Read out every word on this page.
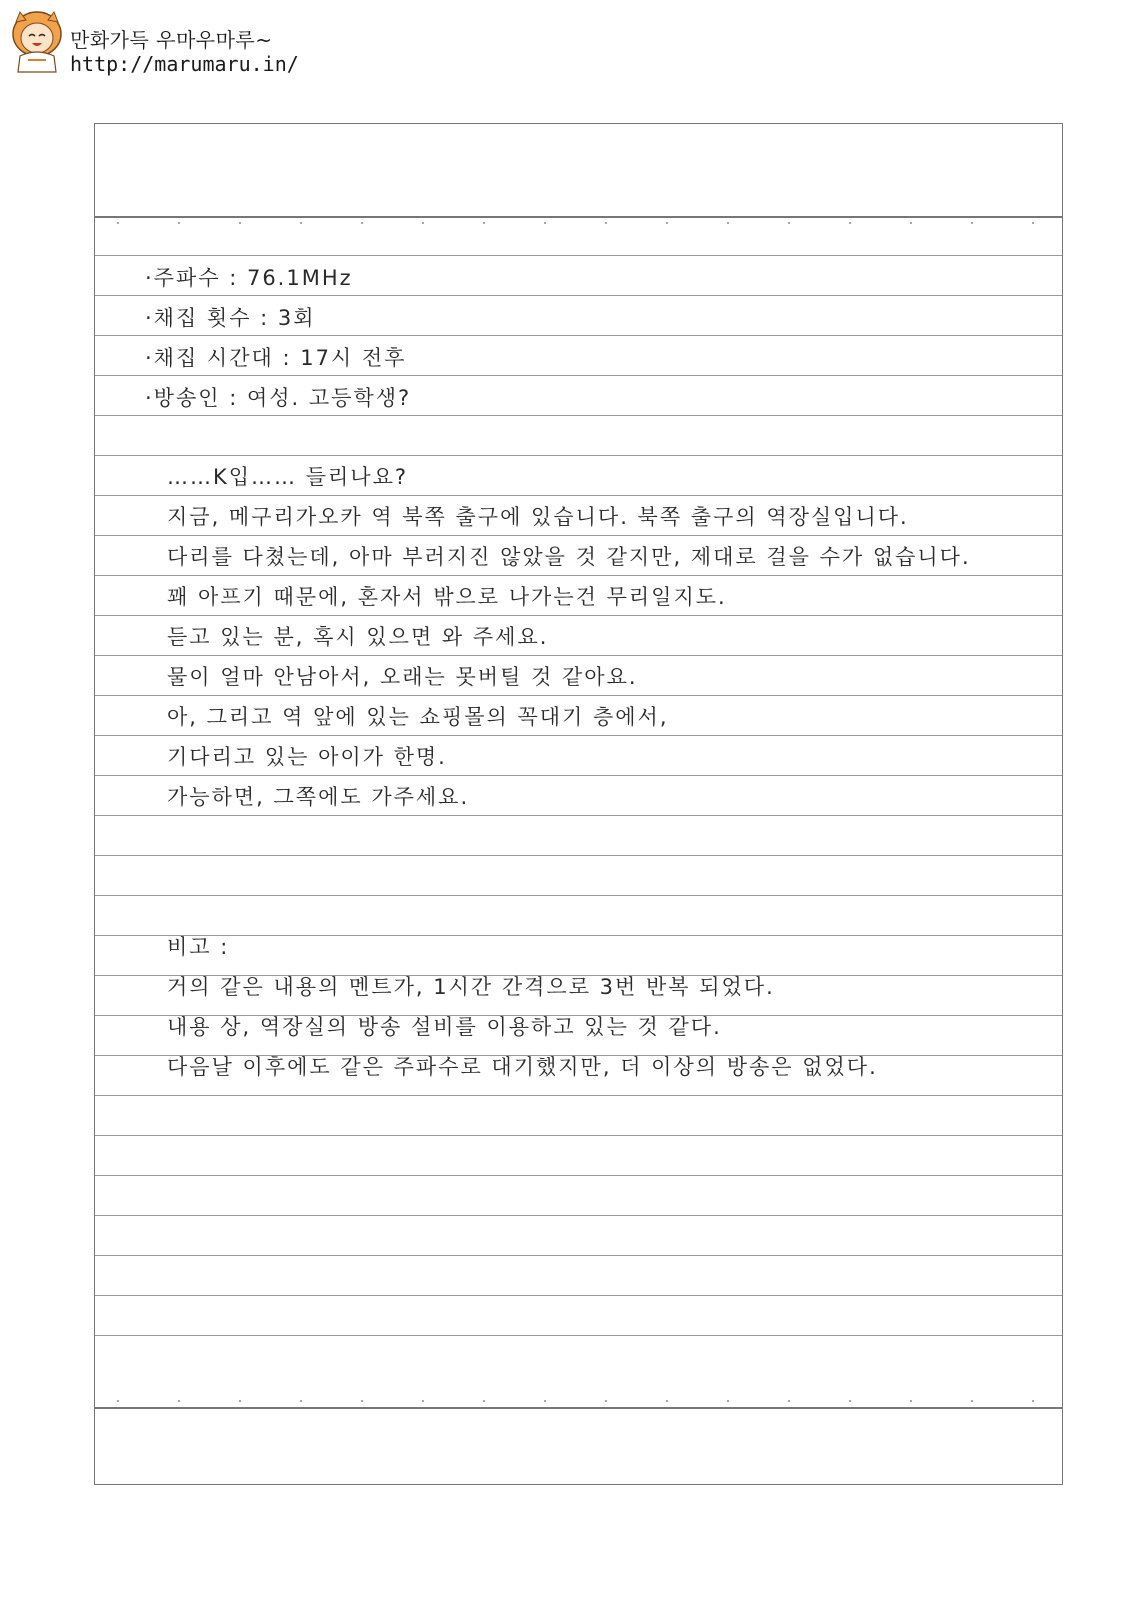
만화가득 우마우마루~
http://marumaru.in/
·주파수 : 76.1MHz
·채집 횟수 : 3회
·채집 시간대 : 17시 전후
·방송인 : 여성. 고등학생?
……K입…… 들리나요?
지금, 메구리가오카 역 북쪽 출구에 있습니다. 북쪽 출구의 역장실입니다.
다리를 다쳤는데, 아마 부러지진 않았을 것 같지만, 제대로 걸을 수가 없습니다.
꽤 아프기 때문에, 혼자서 밖으로 나가는건 무리일지도.
듣고 있는 분, 혹시 있으면 와 주세요.
물이 얼마 안남아서, 오래는 못버틸 것 같아요.
아, 그리고 역 앞에 있는 쇼핑몰의 꼭대기 층에서,
기다리고 있는 아이가 한명.
가능하면, 그쪽에도 가주세요.
비고 :
거의 같은 내용의 멘트가, 1시간 간격으로 3번 반복 되었다.
내용 상, 역장실의 방송 설비를 이용하고 있는 것 같다.
다음날 이후에도 같은 주파수로 대기했지만, 더 이상의 방송은 없었다.
